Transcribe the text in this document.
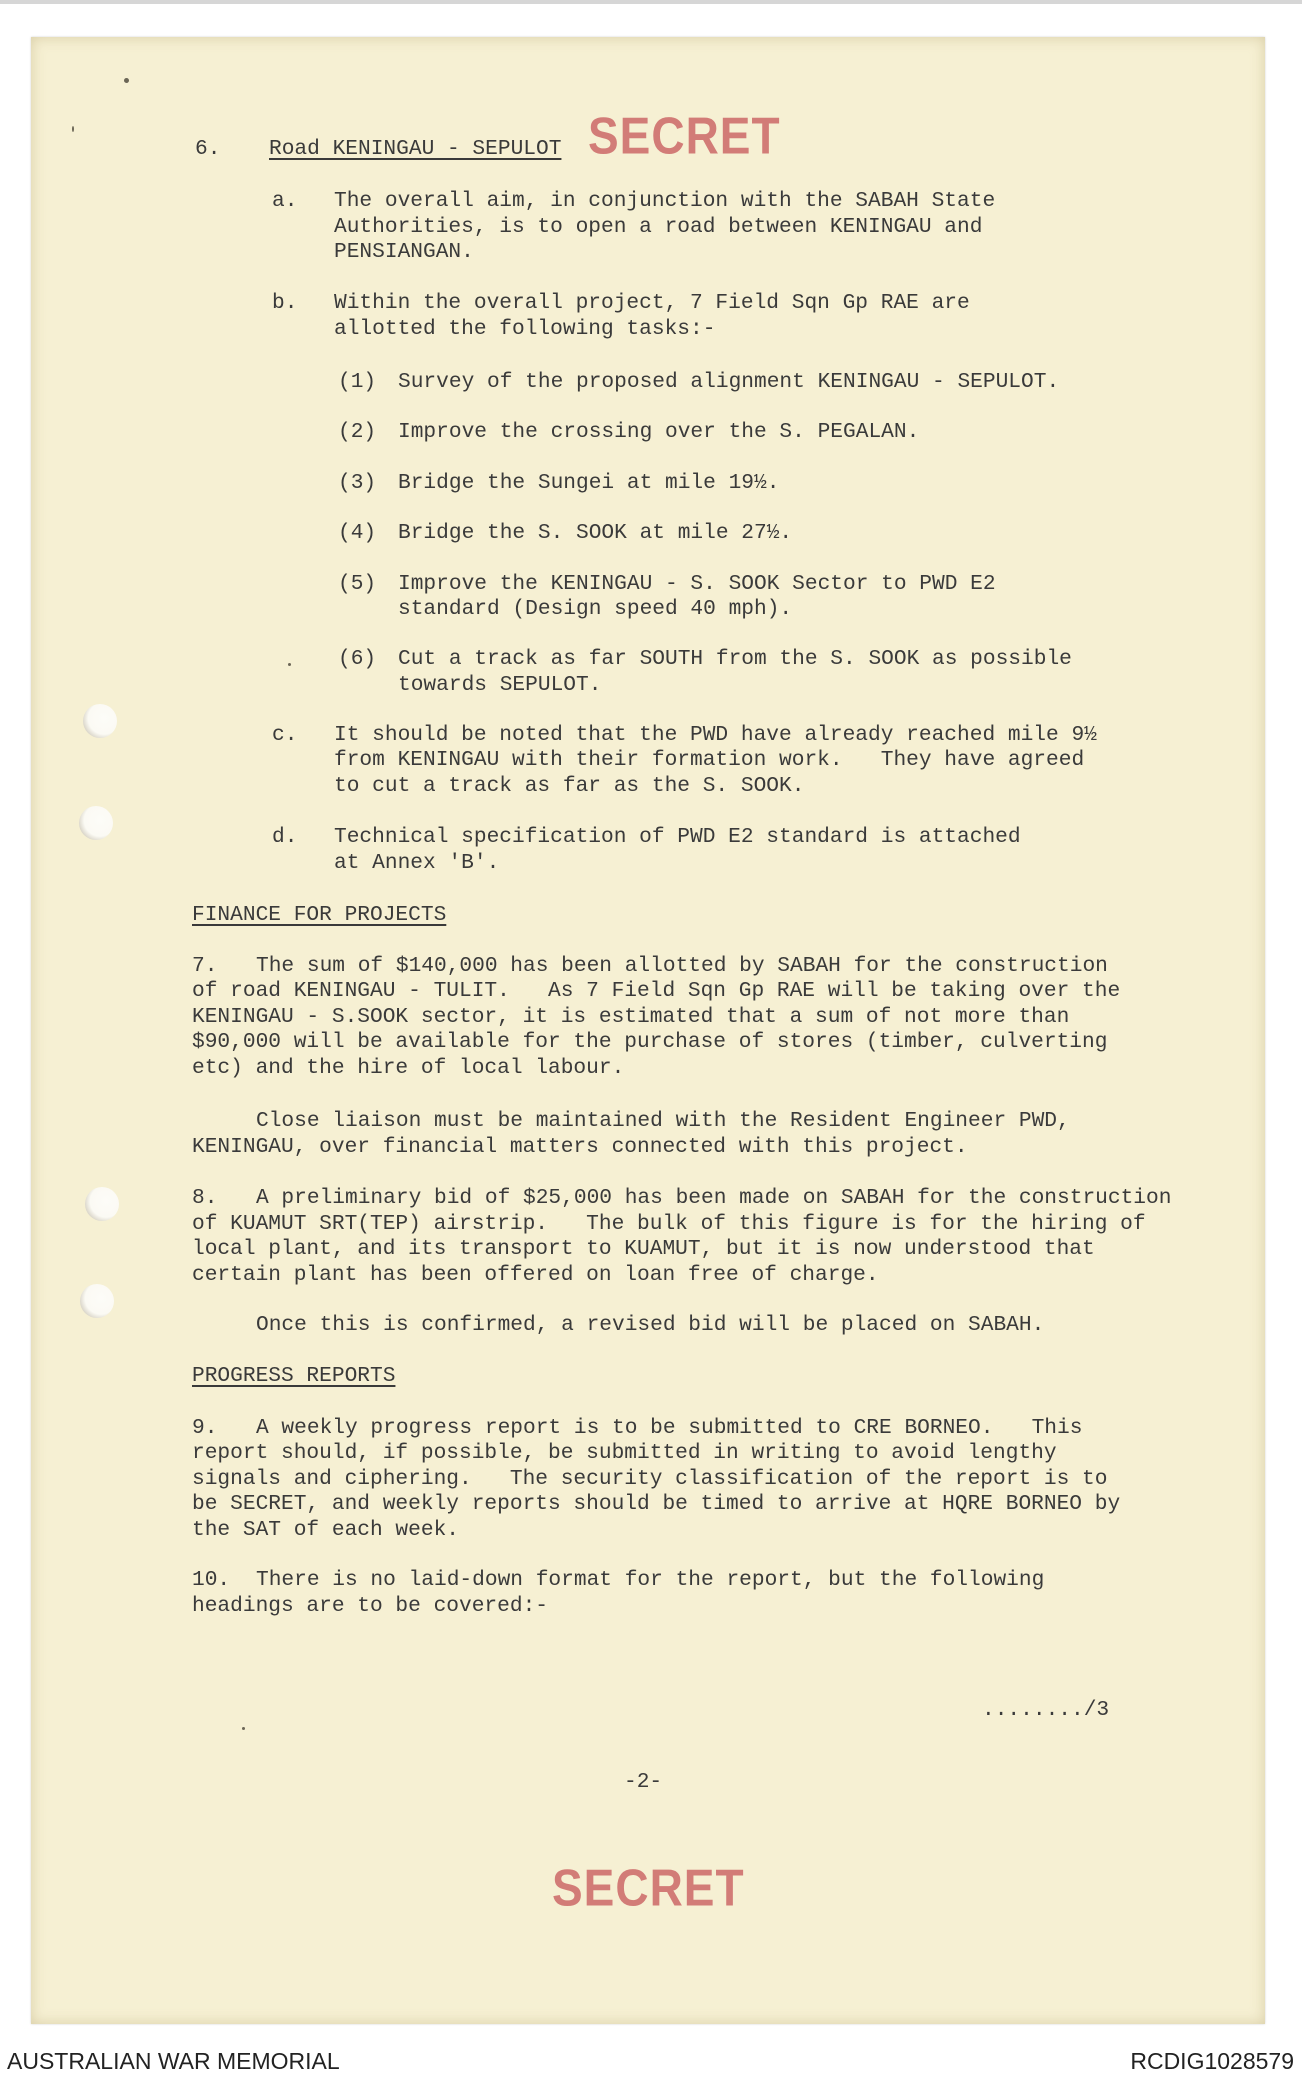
SECRET
6. Road KENINGAU - SEPULOT
a. The overall aim, in conjunction with the SABAH State
Authorities, is to open a road between KENINGAU and
PENSIANGAN.
b. Within the overall project, 7 Field Sqn Gp RAE are
allotted the following tasks:-
(1) Survey of the proposed alignment KENINGAU - SEPULOT.
(2) Improve the crossing over the S. PEGALAN.
(3) Bridge the Sungei at mile 19½.
(4) Bridge the S. SOOK at mile 27½.
(5) Improve the KENINGAU - S. SOOK Sector to PWD E2
standard (Design speed 40 mph).
(6) Cut a track as far SOUTH from the S. SOOK as possible
towards SEPULOT.
c. It should be noted that the PWD have already reached mile 9½
from KENINGAU with their formation work.   They have agreed
to cut a track as far as the S. SOOK.
d. Technical specification of PWD E2 standard is attached
at Annex 'B'.
FINANCE FOR PROJECTS
7. The sum of $140,000 has been allotted by SABAH for the construction
of road KENINGAU - TULIT.   As 7 Field Sqn Gp RAE will be taking over the
KENINGAU - S.SOOK sector, it is estimated that a sum of not more than
$90,000 will be available for the purchase of stores (timber, culverting
etc) and the hire of local labour.
Close liaison must be maintained with the Resident Engineer PWD,
KENINGAU, over financial matters connected with this project.
8. A preliminary bid of $25,000 has been made on SABAH for the construction
of KUAMUT SRT(TEP) airstrip.   The bulk of this figure is for the hiring of
local plant, and its transport to KUAMUT, but it is now understood that
certain plant has been offered on loan free of charge.
Once this is confirmed, a revised bid will be placed on SABAH.
PROGRESS REPORTS
9. A weekly progress report is to be submitted to CRE BORNEO.   This
report should, if possible, be submitted in writing to avoid lengthy
signals and ciphering.   The security classification of the report is to
be SECRET, and weekly reports should be timed to arrive at HQRE BORNEO by
the SAT of each week.
10. There is no laid-down format for the report, but the following
headings are to be covered:-
......../3
-2-
SECRET
AUSTRALIAN WAR MEMORIAL	RCDIG1028579
